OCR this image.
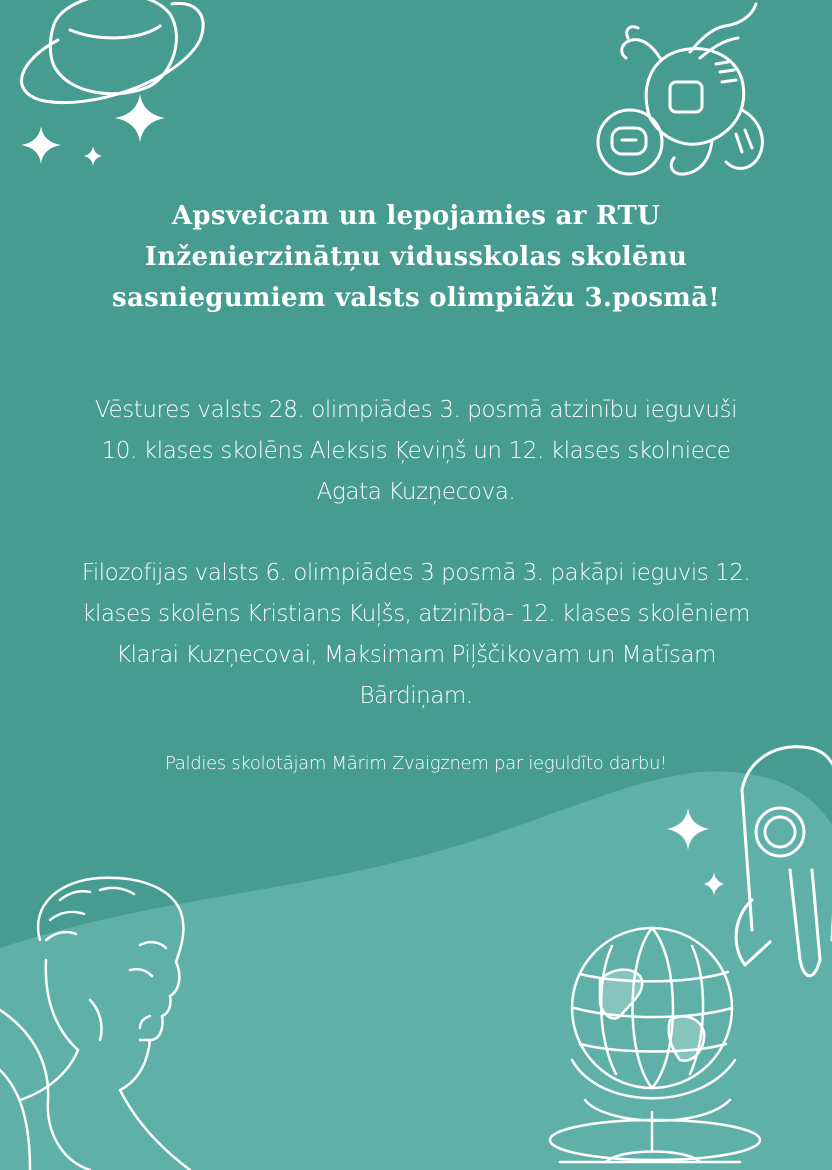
Apsveicam un lepojamies ar RTU
Inženierzinātņu vidusskolas skolēnu
sasniegumiem valsts olimpiāžu 3.posmā!

Vēstures valsts 28. olimpiādes 3. posmā atzinību ieguvuši
10. klases skolēns Aleksis Ķeviņš un 12. klases skolniece
Agata Kuzņecova.

Filozofijas valsts 6. olimpiādes 3 posmā 3. pakāpi ieguvis 12.
klases skolēns Kristians Kuļšs, atzinība- 12. klases skolēniem
Klarai Kuzņecovai, Maksimam Piļščikovam un Matīsam
Bārdiņam.

Paldies skolotājam Mārim Zvaigznem par ieguldīto darbu!
